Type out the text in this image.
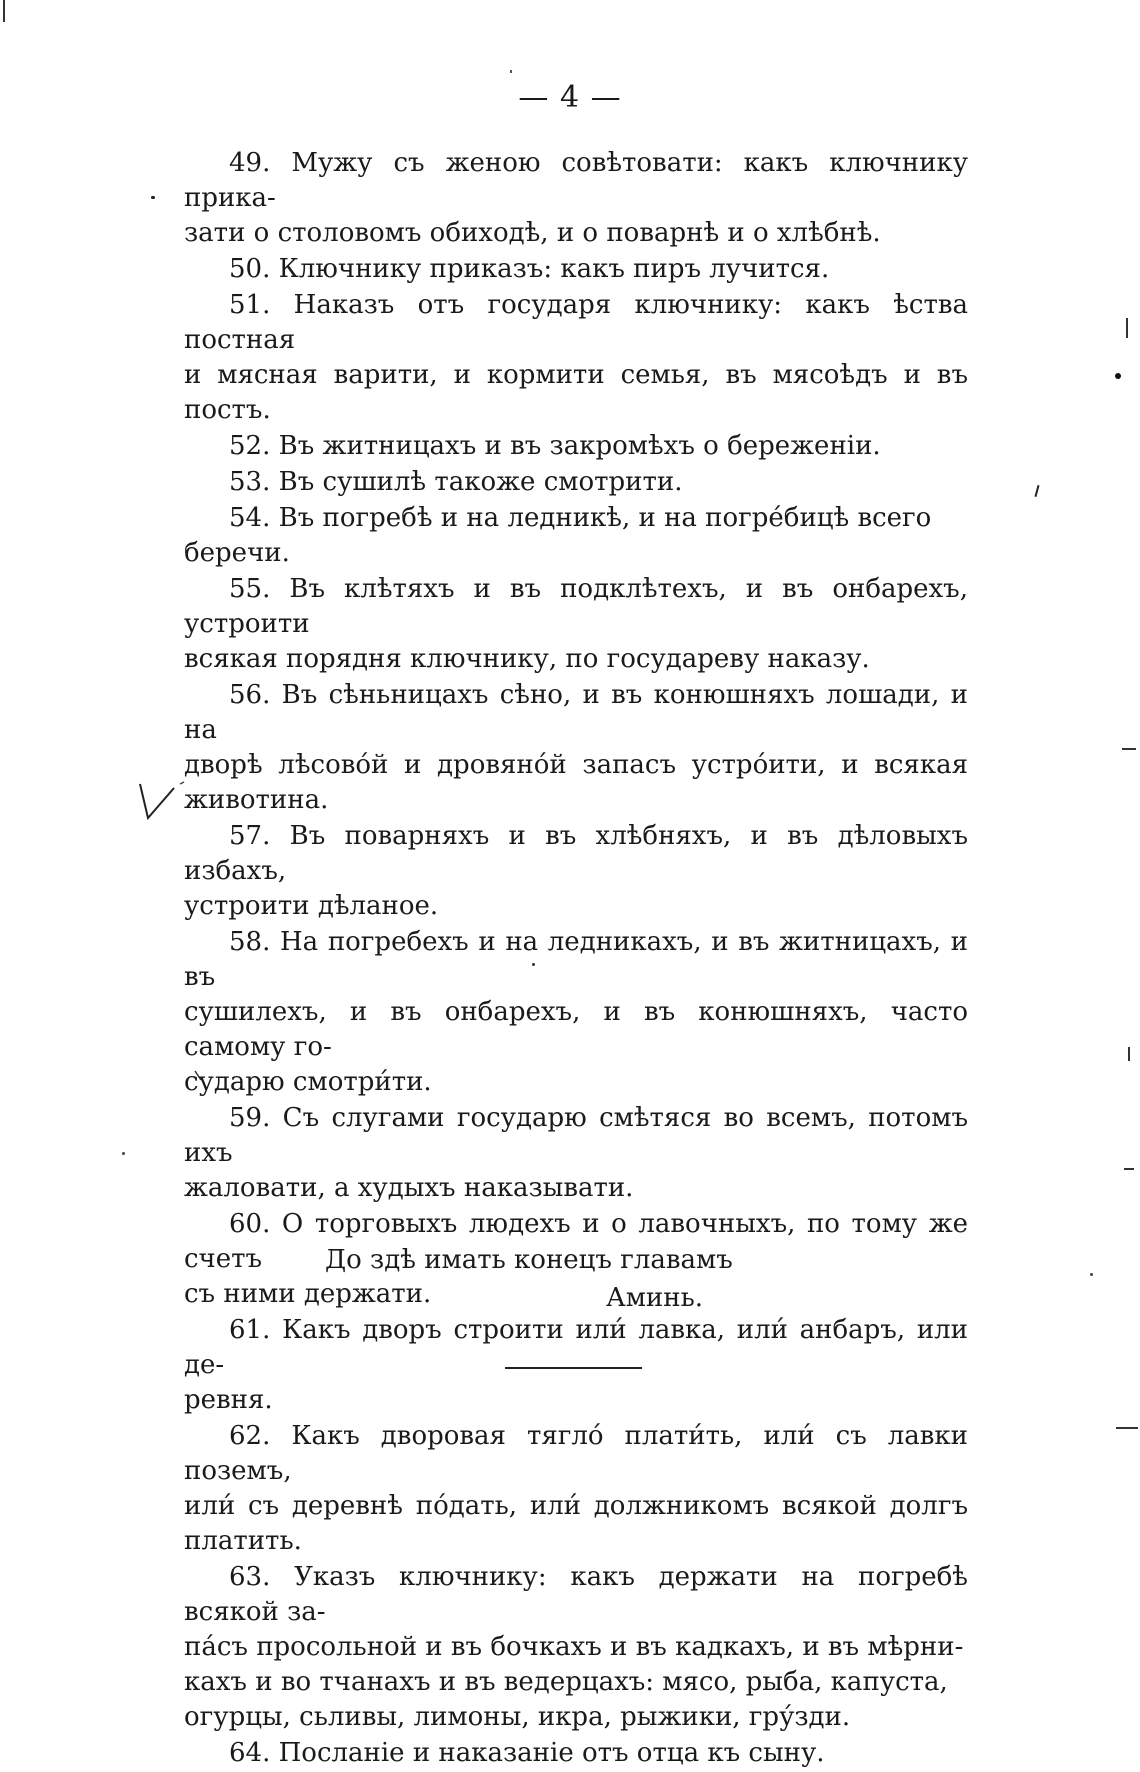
— 4 —
49. Мужу съ женою совѣтовати: какъ ключнику прика-
зати о столовомъ обиходѣ, и о поварнѣ и о хлѣбнѣ.
50. Ключнику приказъ: какъ пиръ лучится.
51. Наказъ отъ государя ключнику: какъ ѣства постная
и мясная варити, и кормити семья, въ мясоѣдъ и въ постъ.
52. Въ житницахъ и въ закромѣхъ о береженіи.
53. Въ сушилѣ такоже смотрити.
54. Въ погребѣ и на ледникѣ, и на погре́бицѣ всего
беречи.
55. Въ клѣтяхъ и въ подклѣтехъ, и въ онбарехъ, устроити
всякая порядня ключнику, по государеву наказу.
56. Въ сѣньницахъ сѣно, и въ конюшняхъ лошади, и на
дворѣ лѣсово́й и дровяно́й запасъ устро́ити, и всякая животина.
57. Въ поварняхъ и въ хлѣбняхъ, и въ дѣловыхъ избахъ,
устроити дѣланое.
58. На погребехъ и на ледникахъ, и въ житницахъ, и въ
сушилехъ, и въ онбарехъ, и въ конюшняхъ, часто самому го-
сударю смотри́ти.
59. Съ слугами государю смѣтяся во всемъ, потомъ ихъ
жаловати, а худыхъ наказывати.
60. О торговыхъ людехъ и о лавочныхъ, по тому же счетъ
съ ними держати.
61. Какъ дворъ строити или́ лавка, или́ анбаръ, или де-
ревня.
62. Какъ дворовая тягло́ плати́ть, или́ съ лавки поземъ,
или́ съ деревнѣ по́дать, или́ должникомъ всякой долгъ платить.
63. Указъ ключнику: какъ держати на погребѣ всякой за-
па́съ просольной и въ бочкахъ и въ кадкахъ, и въ мѣрни-
кахъ и во тчанахъ и въ ведерцахъ: мясо, рыба, капуста,
огурцы, сьливы, лимоны, икра, рыжики, гру́зди.
64. Посланіе и наказаніе отъ отца къ сыну.
До здѣ имать конецъ главамъ
Аминь.
